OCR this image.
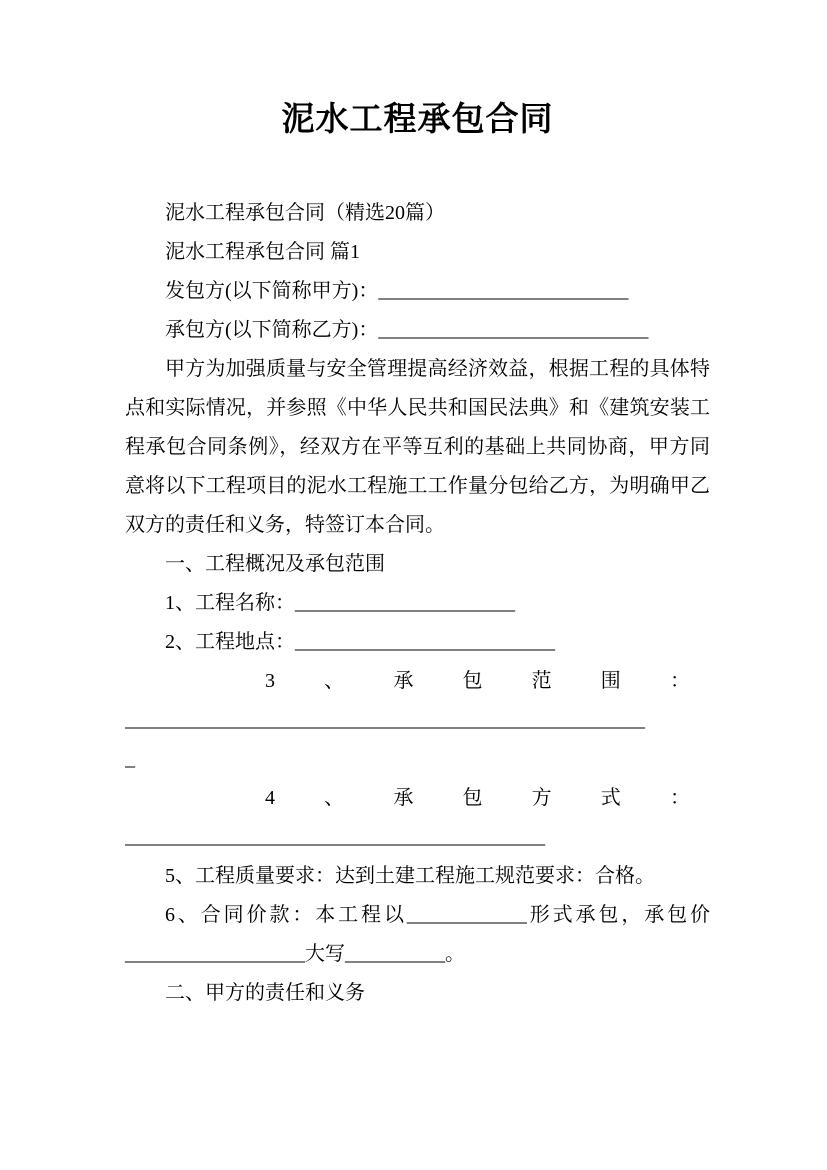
泥水工程承包合同

泥水工程承包合同（精选20篇）

泥水工程承包合同 篇1

发包方(以下简称甲方)：_________________________

承包方(以下简称乙方)：___________________________

甲方为加强质量与安全管理提高经济效益，根据工程的具体特点和实际情况，并参照《中华人民共和国民法典》和《建筑安装工程承包合同条例》，经双方在平等互利的基础上共同协商，甲方同意将以下工程项目的泥水工程施工工作量分包给乙方，为明确甲乙双方的责任和义务，特签订本合同。

一、工程概况及承包范围

1、工程名称：______________________

2、工程地点：__________________________

3 、 承 包 范 围 ：

____________________________________________________

_

4 、 承 包 方 式 ：

__________________________________________

5、工程质量要求：达到土建工程施工规范要求：合格。

6、合同价款：本工程以____________形式承包，承包价__________________大写__________。

二、甲方的责任和义务
